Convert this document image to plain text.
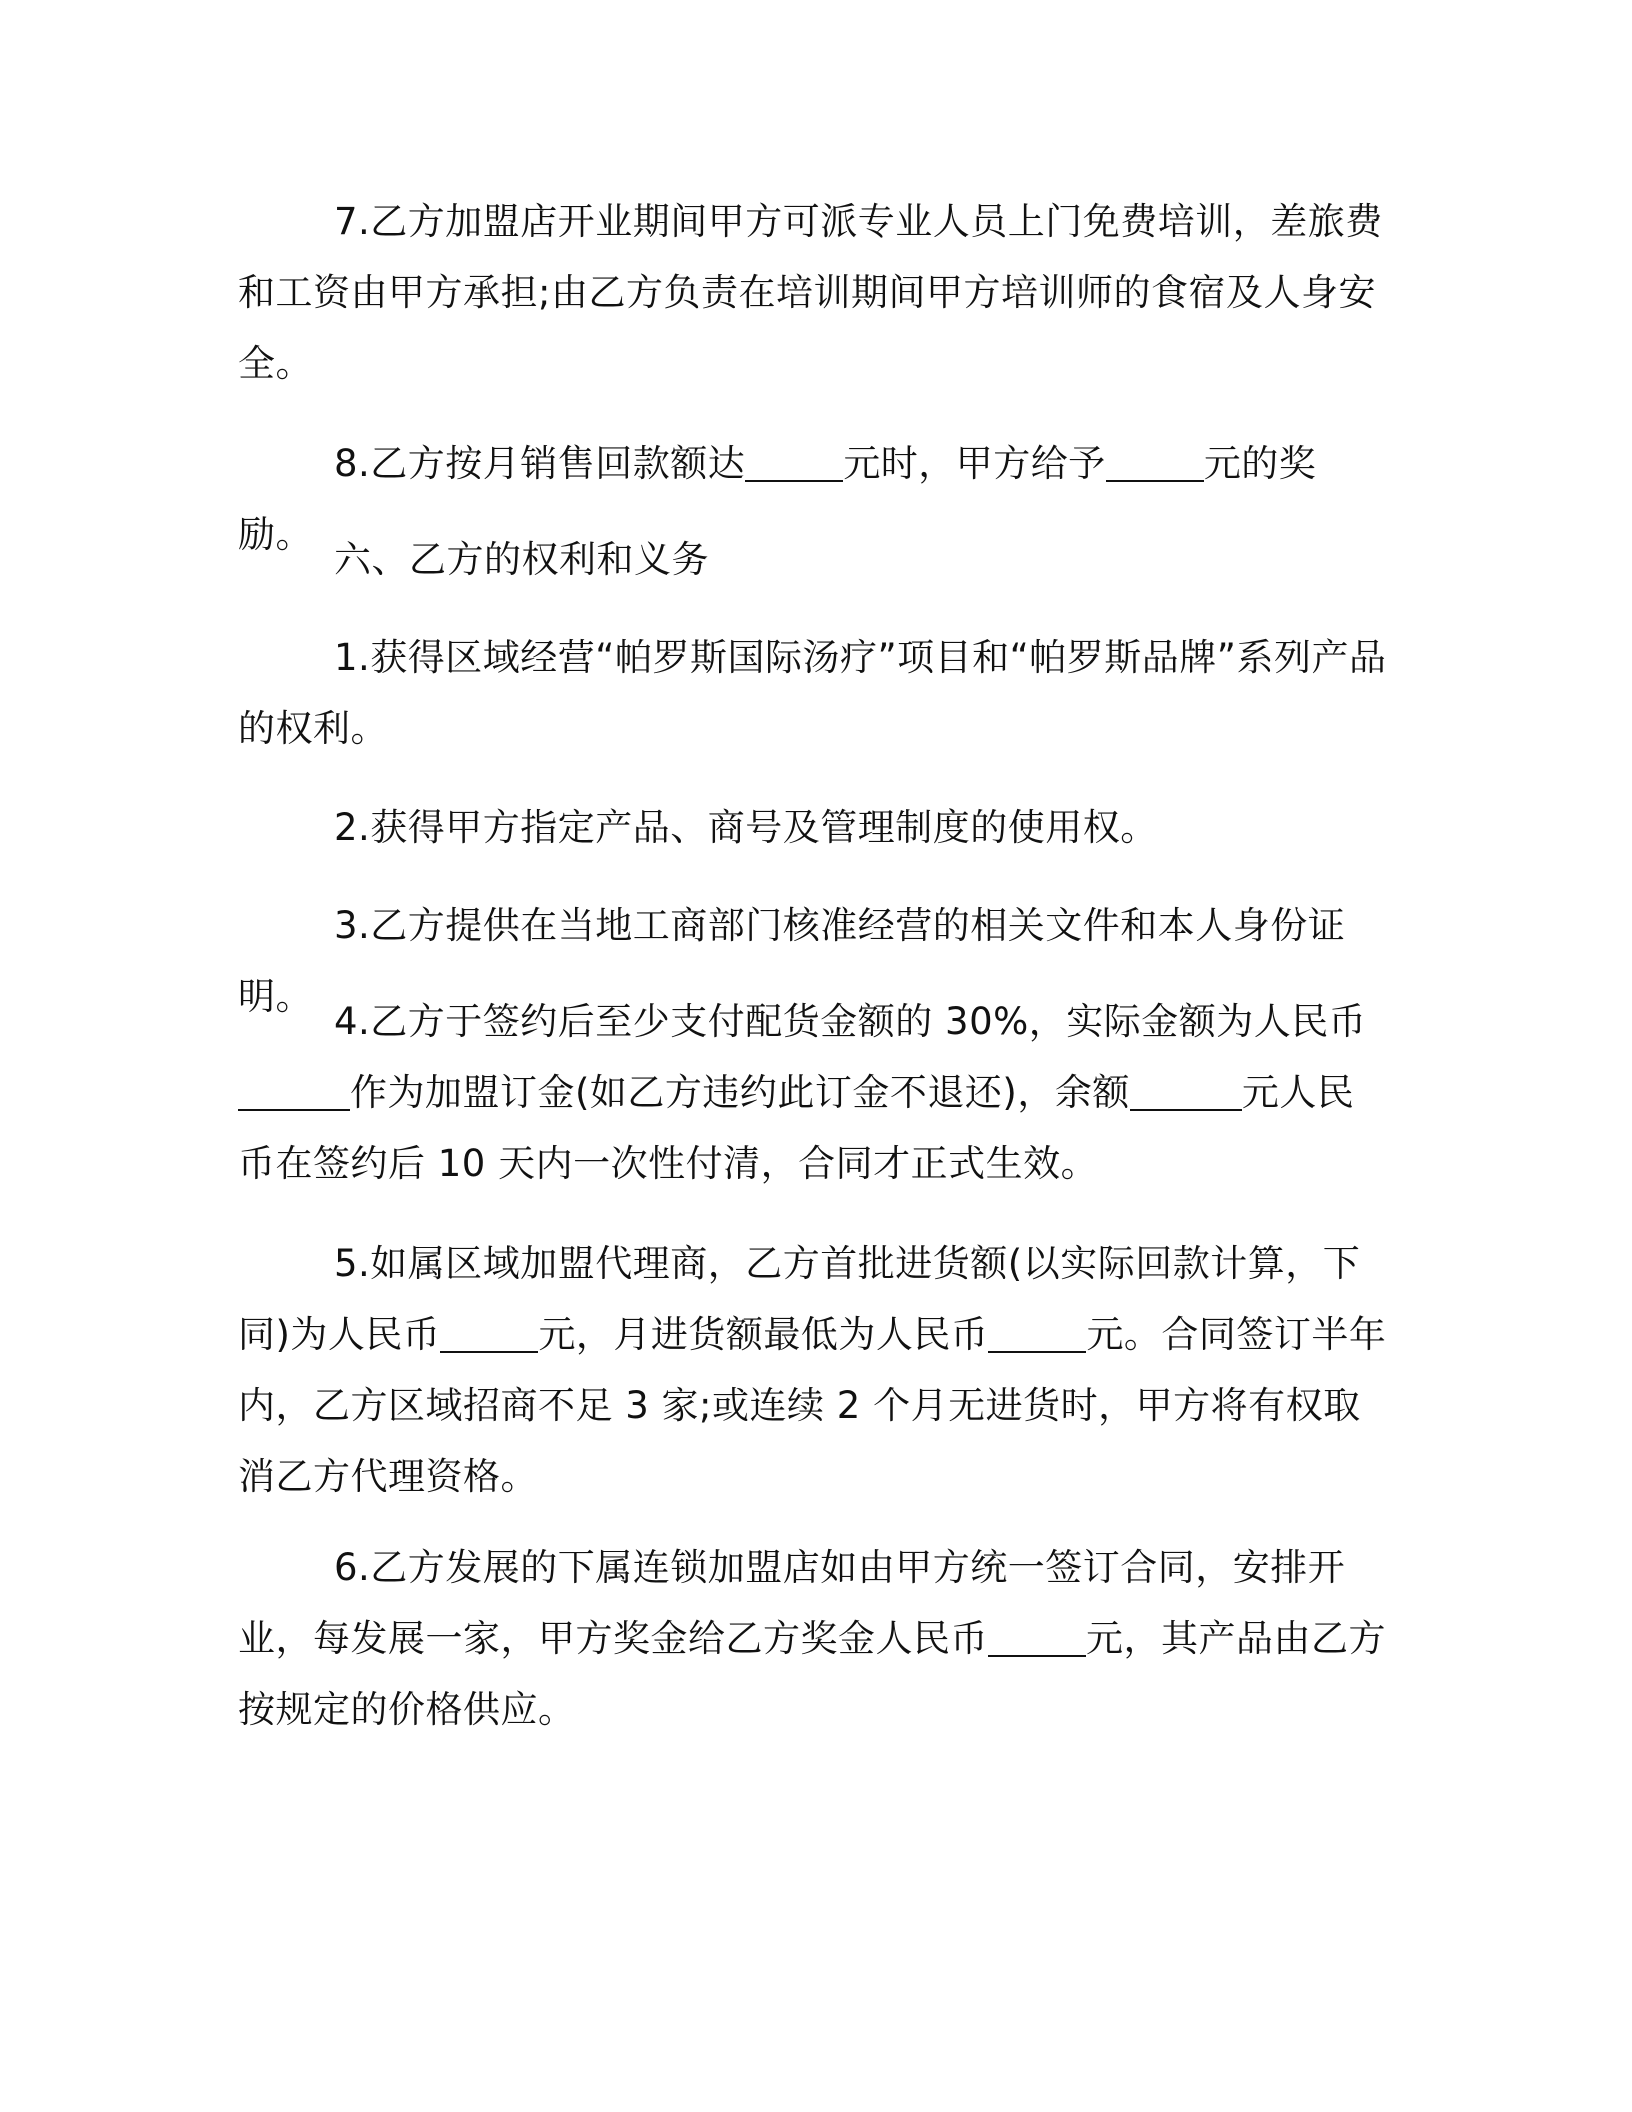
7.乙方加盟店开业期间甲方可派专业人员上门免费培训，差旅费和工资由甲方承担;由乙方负责在培训期间甲方培训师的食宿及人身安全。
8.乙方按月销售回款额达	元时，甲方给予	元的奖励。
六、乙方的权利和义务
1.获得区域经营“帕罗斯国际汤疗”项目和“帕罗斯品牌”系列产品的权利。
2.获得甲方指定产品、商号及管理制度的使用权。
3.乙方提供在当地工商部门核准经营的相关文件和本人身份证明。
4.乙方于签约后至少支付配货金额的 30%，实际金额为人民币作为加盟订金(如乙方违约此订金不退还)，余额	元人民币在签约后 10 天内一次性付清，合同才正式生效。
5.如属区域加盟代理商，乙方首批进货额(以实际回款计算，下同)为人民币	元，月进货额最低为人民币	元。合同签订半年内，乙方区域招商不足 3 家;或连续 2 个月无进货时，甲方将有权取消乙方代理资格。
6.乙方发展的下属连锁加盟店如由甲方统一签订合同，安排开业，每发展一家，甲方奖金给乙方奖金人民币	元，其产品由乙方按规定的价格供应。
